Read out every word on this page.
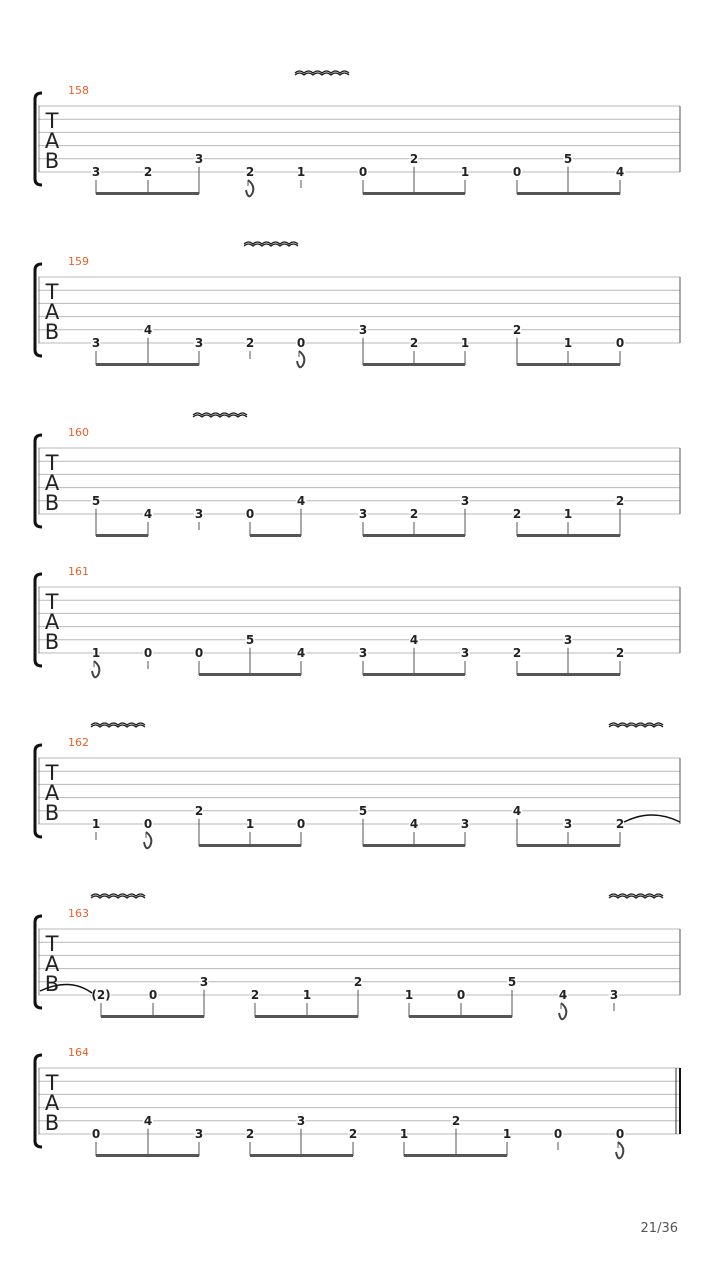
T
A
B
158
3	2
3
2	1	0
2
1	0
5
4
T
A
B
159
3
4
3	2	0
3
2	1
2
1	0
T
A
B
160
5
4	3	0
4
3	2
3
2	1
2
T
A
B
161
1	0	0
5
4	3
4
3	2
3
2
T
A
B
162
1	0
2
1	0
5
4	3
4
3	2
T
A
B
163
(2)	0
3
2	1
2
1	0
5
4	3
T
A
B
164
0
4
3	2
3
2	1
2
1	0	0
21/36
